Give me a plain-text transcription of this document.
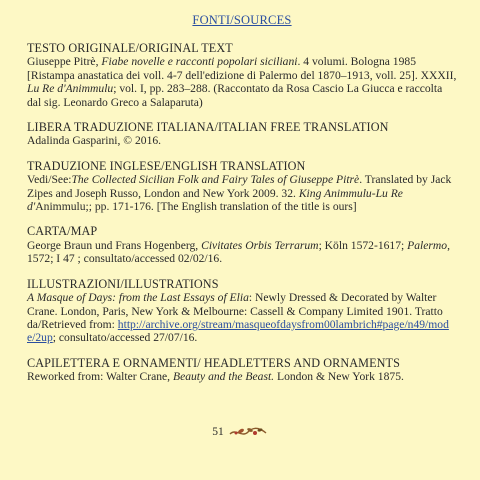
FONTI/SOURCES
TESTO ORIGINALE/ORIGINAL TEXT
Giuseppe Pitrè, Fiabe novelle e racconti popolari siciliani. 4 volumi. Bologna 1985 [Ristampa anastatica dei voll. 4-7 dell'edizione di Palermo del 1870–1913, voll. 25]. XXXII, Lu Re d'Animmulu; vol. I, pp. 283–288. (Raccontato da Rosa Cascio La Giucca e raccolta dal sig. Leonardo Greco a Salaparuta)
LIBERA TRADUZIONE ITALIANA/ITALIAN FREE TRANSLATION
Adalinda Gasparini, © 2016.
TRADUZIONE INGLESE/ENGLISH TRANSLATION
Vedi/See:The Collected Sicilian Folk and Fairy Tales of Giuseppe Pitrè. Translated by Jack Zipes and Joseph Russo, London and New York 2009. 32. King Animmulu-Lu Re d'Animmulu;; pp. 171-176. [The English translation of the title is ours]
CARTA/MAP
George Braun und Frans Hogenberg, Civitates Orbis Terrarum; Köln 1572-1617; Palermo, 1572; I 47 ; consultato/accessed 02/02/16.
ILLUSTRAZIONI/ILLUSTRATIONS
A Masque of Days: from the Last Essays of Elia: Newly Dressed & Decorated by Walter Crane. London, Paris, New York & Melbourne: Cassell & Company Limited 1901. Tratto da/Retrieved from: http://archive.org/stream/masqueofdaysfrom00lambrich#page/n49/mode/2up; consultato/accessed 27/07/16.
CAPILETTERA E ORNAMENTI/ HEADLETTERS AND ORNAMENTS
Reworked from: Walter Crane, Beauty and the Beast. London & New York 1875.
51
